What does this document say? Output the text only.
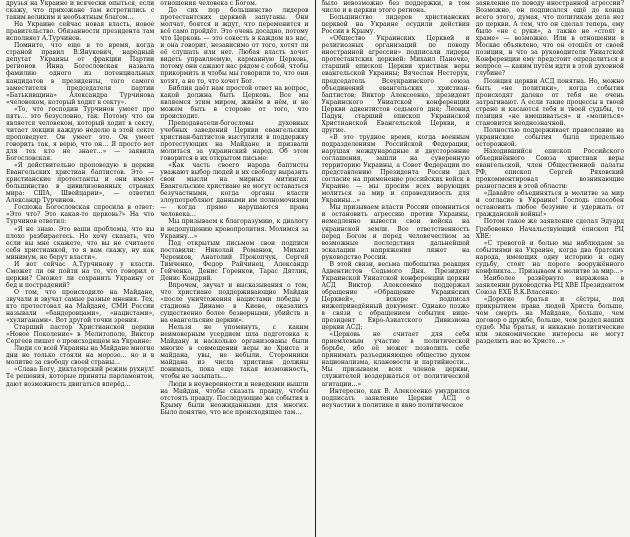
друзья на Украине и всячески опыться, если скажу, что прихожане там встретились с таким великим и необъятным благом…

На Украине сейчас новая власть, новое правительство. Обязанности президента там исполняет А.Турчинов.

Помните, что еще в то время, когда страной правил В.Янукович, народный депутат Украины от фракции Партии регионов Инна Богословская назвала фамилию одного из потенциальных кандидатов в президенты, того самого заместителя председателя партии «Батькивщина» Александра Турчинова «человеком, который ходит в секту».

«То, что господин Турчинов умеет про пять… это безусловно, так. Потому что он является человеком, который ходит в секту, читает лекции каждую неделю в этой секте проповедует. Он умеет это. Он умеет говорить так, я верю, что он… Я просто вот для тех кто не знает…» — заявила Богословская.

«Я действительно проповедую в церкви Евангельских христиан баптистов. Это — христианские протестанты и они имеют большинство в цивилизованных странах мира: США, Швейцарии», — ответил Александр Турчинов.

Госпожа Богословская спросила в ответ: «Это что? Это какая-то церковь?» На что Турчинов ответил:

«Я не знаю. Это ваши проблемы, что вы плохо разбираетесь. Но хочу сказать, что если вы мне скажете, что вы не считаете себя христианкой, то я вам скажу, ну как минимум, не берут власти».

И вот сейчас А.Турчинову у власти. Сможет ли он пойти на то, что говорил о церкви? Сможет ли сохранить Украину от бед и пострадений?

О том, что происходило на Майдане, звучали и звучат самые разные мнения. Тех, кто протестовал на Майдане, СМИ России называли «бандеровцами», «нацистами», «хулиганами». Вот другой точки зрения.

Старший пастор Христианской церкви «Новое Поколение» в Мелитополе, Виктор Сергеев пишет о происходящем на Украине:

Люди со всей Украины на Майдане многие дни не только стояли на морозе… но и в молитве за свободу своей страны…

«Слава Богу, диктаторский режим рухнул! Те решения, которые приняты парламентом, дают возможность двигаться вперёд…

отношения человека с Богом.

До сих пор большинство лидеров протестантских церквей запуганы. Они молчат, боятся и ждут, что переменится и всё само пройдёт. Это очень досадно, потому что Церковь — это совесть в каждом из нас, и она говорит, независимо от того, хотят ли её слушать или нет. Любая власть хочет видеть управляемую, карманную Церковь, потому они сажают нас рядом с собой, чтобы прикормить и чтобы мы говорили то, что они хотят, а не то, что хочет Бог.

Библия даёт нам простой ответ на вопрос, какой должна быть Церковь. Все мы являемся этим миром, живём в нём, и не можем быть в стороне от того, что происходит.

Преподаватели-богословы духовных учебных заведений Церкви евангельских христиан-баптистов выступили в поддержку протестующих на Майдане и призвали молиться за украинский народ. Об этом говорится в их открытом письме:

«Как часть своего народа баптисты уважают выбор людей и их свободу выразить свои мысли на мирных митингах. Евангельские христиане не могут оставаться безучастными, когда органы власти злоупотребляют данными им полномочиями — когда прямо нарушаются права человека…

Мы призываем к благоразумию, к диалогу и недопущению кровопролития. Молимся за Украину…»

Под открытым письмом свои подписи поставили: Николай Романюк, Михаил Черенков, Анатолий Прокопчук, Сергей Тимченко, Федор Райчинец, Александр Гейченко, Денис Горенков, Тарас Дятлик, Денис Кондрий.

Впрочем, звучат и высказывания о том, что христиане поддерживающие Майдан «после уничтожения нацистами победы у стадиона Динамо в Киеве, оказались существенно более безверными, убийств и на евангельские церкви».

Нельзя не упомянуть, с каким неимоверным усердием шла подготовка к Майдану и насколько организованы были многие в совмещении веры во Христа и майдана, увы, не небыли. Сторонники майдана из числа христиан должны понимать, пока еще такая возможность, чтобы не засыпать…

Люди в неуверенности и неведении вышли на Майдан, чтобы сказать правду, чтобы отстоять правду. Последующие же события в Крыму были неожиданными для многих. Было понятно, что все происходящее там…

было невозможно без поддержки, в том числе и в церкви этого региона.

Большинство лидеров христианских церквей на Украине осудили действия России в Крыму.

«Общество Украинских Церквей и религиозных организаций по поводу иностранной агрессии» подписали лидеры протестантских церквей: Михаил Паночко, старший епископ Церкви христиан веры евангельской Украины; Вячеслав Нестерук, председатель Всеукраинского союза объединений евангельских христиан-баптистов; Виктор Алексеенко, президент Украинского Униатской конференции Церкви адвентистов седьмого дня; Леонид Падун, старший епископ Украинской Христианской Евангельской Церкви, и другие.

«В это трудное время, когда военным подразделениям Российской Федерации, нарушая международные и двусторонние соглашения, зашли на суверенную территорию Украины, а Совет Федерации по представлению Президента России дал согласие на применение российских войск в Украине — мы просим всех верующих молиться за мир и справедливость для Украины…»

Мы призываем власти России опомниться и остановить агрессию против Украины, немедленно вывести свои войска на украинской земли. Все ответственность перед Богом и перед человечеством за возможные последствия дальнейшей эскалации напряжения ляжет на руководство России.

В этой связи, весьма любопытна реакция Адвентистов Седьмого Дня. Президент Украинской Униатской конференции церкви АСД Виктор Алексеенко поддержал обращение «Обращение Украинских Церквей», вскоре подписал нижеприведённый документ. Однако позже в связи с обращением события вице-президент Евро-Азиатского Дивизиона церкви АСД:

«Церковь не считает для себя приемлемым участие в политической борьбе, ибо её может позволить себе принимать разъединяющее общество духом национализма, клановости и партийности… Мы призываем всех членов церкви, служителей воздержаться от политической агитации…»

Интересно, как В. Алексеенко умудрился подписать заявление Церкви АСД о неучастии в политике и явно политическое

заявление по поводу иностранной агрессии? Возможно, он подписался ещё до конца всего этого, думая, что политикам дела нет до церкви. А тем, что он сделал теперь, ему было «не с руки», а также не «стоят в храме» — возможно. Или в отношении в Москве объявлено, что он отошёл от своей позиции, и что за руководителя Униатской Конференции ему предстоит определиться в вопросе — каким путём идти в этой духовной глубине?

Позиция церкви АСД понятна. Но, можно быть «не политики», когда события происходят далеко от тебя не очень затрагивают. А если такие процессы в твоей стране и касаются тебя и твоей судьбы, то позиция «не вмешиваться» и «молиться» становится неоднозначной.

Полностью поддерживает православие на украинские события была предельно осторожной.

Находившийся епископ Российского объединённого Союза христиан веры евангельской, член Общественной палаты РФ, епископ Сергей Ряховский прокомментировал возникающие разногласия в этой области:

«Давайте объединяться в молитве за мир и согласие в Украине! Господь способен остановить любое безумие и удержать от гражданской войны!»

Потом такое же заявление сделал Эдуард Грабовенко Начальствующий епископ РЦ ХВЕ:

«С тревогой и болью мы наблюдаем за событиями на Украине, когда два братских народа, имеющих одну историю и одну судьбу, стоят на пороге вооружённого конфликта… Призываем к молитве за мир…»

Наиболее развёрнуто выражена в заявлении руководства РЦ ХВЕ Президентом Союза ЕХБ В.К.Власенко:

«Дорогие братья и сёстры, под прикрытием права людей Христа больше, чем смерть на Майдане, больше, чем договор о дружбе, больше, чем раздел наших судеб. Мы братья, и никакие политические или экономические интересы не могут разделить нас во Христе…»
